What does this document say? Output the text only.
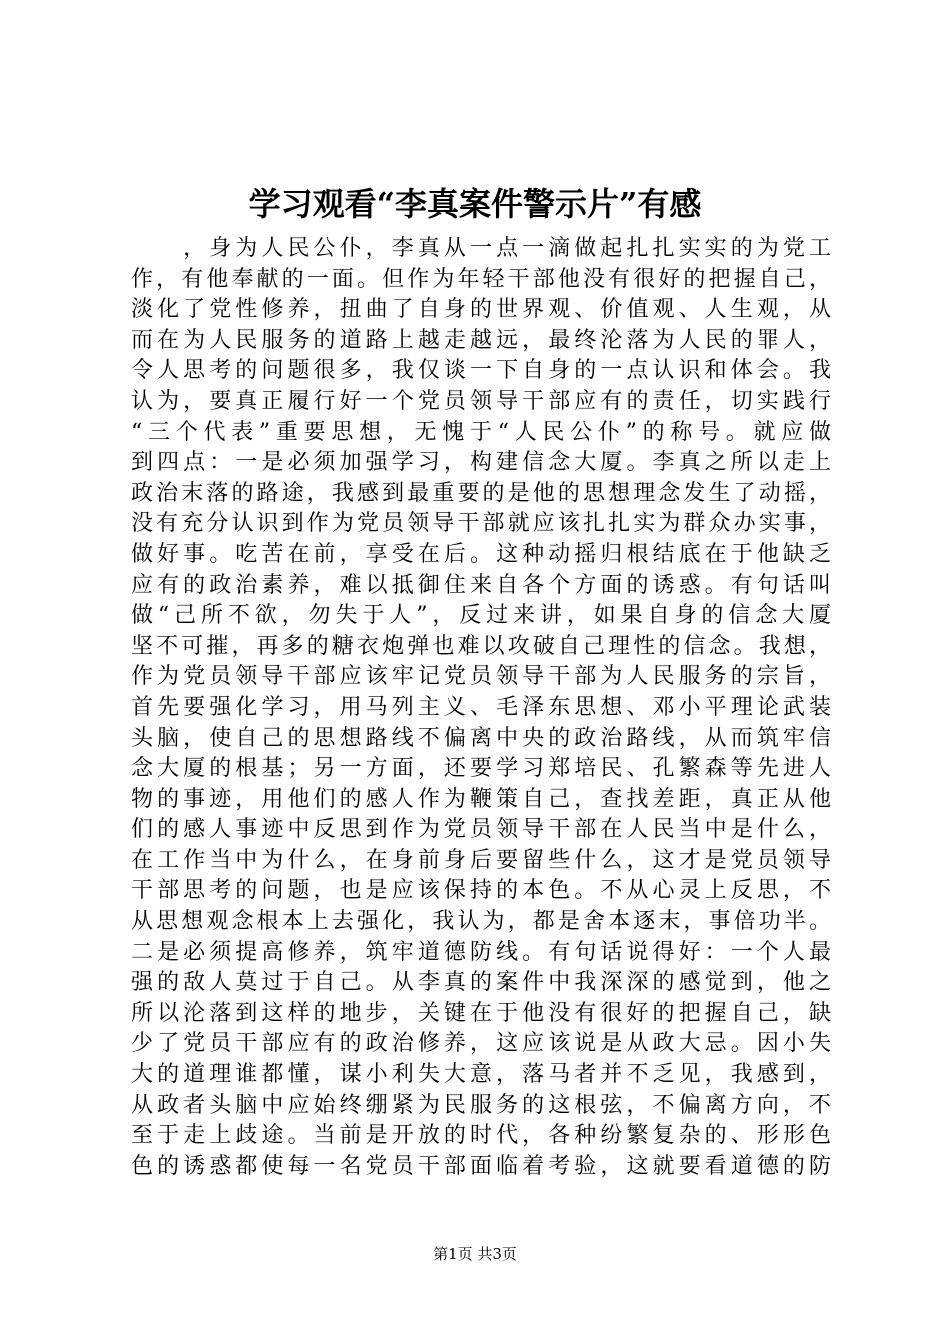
学习观看“李真案件警示片”有感
　　，身为人民公仆，李真从一点一滴做起扎扎实实的为党工
作，有他奉献的一面。但作为年轻干部他没有很好的把握自己，
淡化了党性修养，扭曲了自身的世界观、价值观、人生观，从
而在为人民服务的道路上越走越远，最终沦落为人民的罪人，
令人思考的问题很多，我仅谈一下自身的一点认识和体会。我
认为，要真正履行好一个党员领导干部应有的责任，切实践行
“三个代表”重要思想，无愧于“人民公仆”的称号。就应做
到四点：一是必须加强学习，构建信念大厦。李真之所以走上
政治末落的路途，我感到最重要的是他的思想理念发生了动摇，
没有充分认识到作为党员领导干部就应该扎扎实为群众办实事，
做好事。吃苦在前，享受在后。这种动摇归根结底在于他缺乏
应有的政治素养，难以抵御住来自各个方面的诱惑。有句话叫
做“己所不欲，勿失于人”，反过来讲，如果自身的信念大厦
坚不可摧，再多的糖衣炮弹也难以攻破自己理性的信念。我想，
作为党员领导干部应该牢记党员领导干部为人民服务的宗旨，
首先要强化学习，用马列主义、毛泽东思想、邓小平理论武装
头脑，使自己的思想路线不偏离中央的政治路线，从而筑牢信
念大厦的根基；另一方面，还要学习郑培民、孔繁森等先进人
物的事迹，用他们的感人作为鞭策自己，查找差距，真正从他
们的感人事迹中反思到作为党员领导干部在人民当中是什么，
在工作当中为什么，在身前身后要留些什么，这才是党员领导
干部思考的问题，也是应该保持的本色。不从心灵上反思，不
从思想观念根本上去强化，我认为，都是舍本逐末，事倍功半。
二是必须提高修养，筑牢道德防线。有句话说得好：一个人最
强的敌人莫过于自己。从李真的案件中我深深的感觉到，他之
所以沦落到这样的地步，关键在于他没有很好的把握自己，缺
少了党员干部应有的政治修养，这应该说是从政大忌。因小失
大的道理谁都懂，谋小利失大意，落马者并不乏见，我感到，
从政者头脑中应始终绷紧为民服务的这根弦，不偏离方向，不
至于走上歧途。当前是开放的时代，各种纷繁复杂的、形形色
色的诱惑都使每一名党员干部面临着考验，这就要看道德的防
第1页 共3页
